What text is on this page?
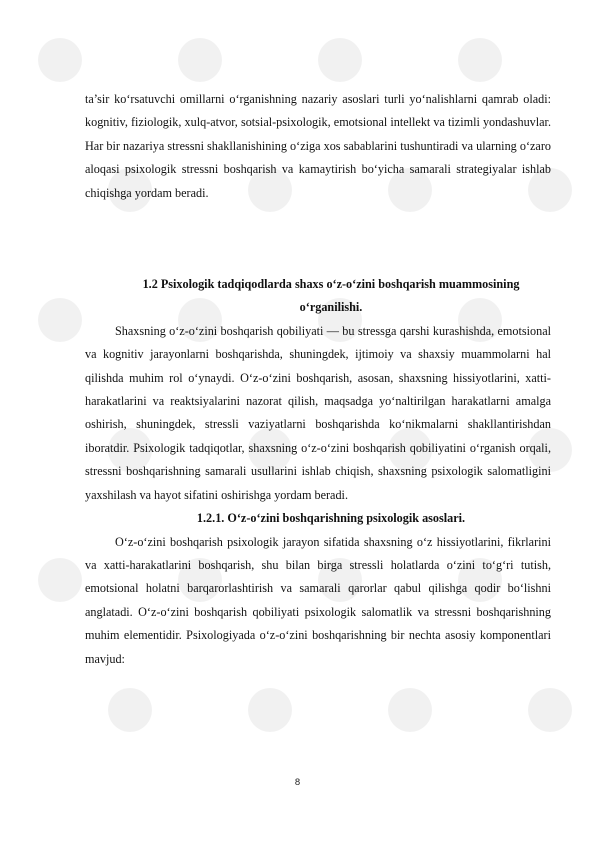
ta’sir ko‘rsatuvchi omillarni o‘rganishning nazariy asoslari turli yo‘nalishlarni qamrab oladi: kognitiv, fiziologik, xulq-atvor, sotsial-psixologik, emotsional intellekt va tizimli yondashuvlar. Har bir nazariya stressni shakllanishining o‘ziga xos sabablarini tushuntiradi va ularning o‘zaro aloqasi psixologik stressni boshqarish va kamaytirish bo‘yicha samarali strategiyalar ishlab chiqishga yordam beradi.

1.2 Psixologik tadqiqodlarda shaxs o‘z-o‘zini boshqarish muammosining o‘rganilishi.

Shaxsning o‘z-o‘zini boshqarish qobiliyati — bu stressga qarshi kurashishda, emotsional va kognitiv jarayonlarni boshqarishda, shuningdek, ijtimoiy va shaxsiy muammolarni hal qilishda muhim rol o‘ynaydi. O‘z-o‘zini boshqarish, asosan, shaxsning hissiyotlarini, xatti-harakatlarini va reaktsiyalarini nazorat qilish, maqsadga yo‘naltirilgan harakatlarni amalga oshirish, shuningdek, stressli vaziyatlarni boshqarishda ko‘nikmalarni shakllantirishdan iboratdir. Psixologik tadqiqotlar, shaxsning o‘z-o‘zini boshqarish qobiliyatini o‘rganish orqali, stressni boshqarishning samarali usullarini ishlab chiqish, shaxsning psixologik salomatligini yaxshilash va hayot sifatini oshirishga yordam beradi.

1.2.1. O‘z-o‘zini boshqarishning psixologik asoslari.

O‘z-o‘zini boshqarish psixologik jarayon sifatida shaxsning o‘z hissiyotlarini, fikrlarini va xatti-harakatlarini boshqarish, shu bilan birga stressli holatlarda o‘zini to‘g‘ri tutish, emotsional holatni barqarorlashtirish va samarali qarorlar qabul qilishga qodir bo‘lishni anglatadi. O‘z-o‘zini boshqarish qobiliyati psixologik salomatlik va stressni boshqarishning muhim elementidir. Psixologiyada o‘z-o‘zini boshqarishning bir nechta asosiy komponentlari mavjud:

8
